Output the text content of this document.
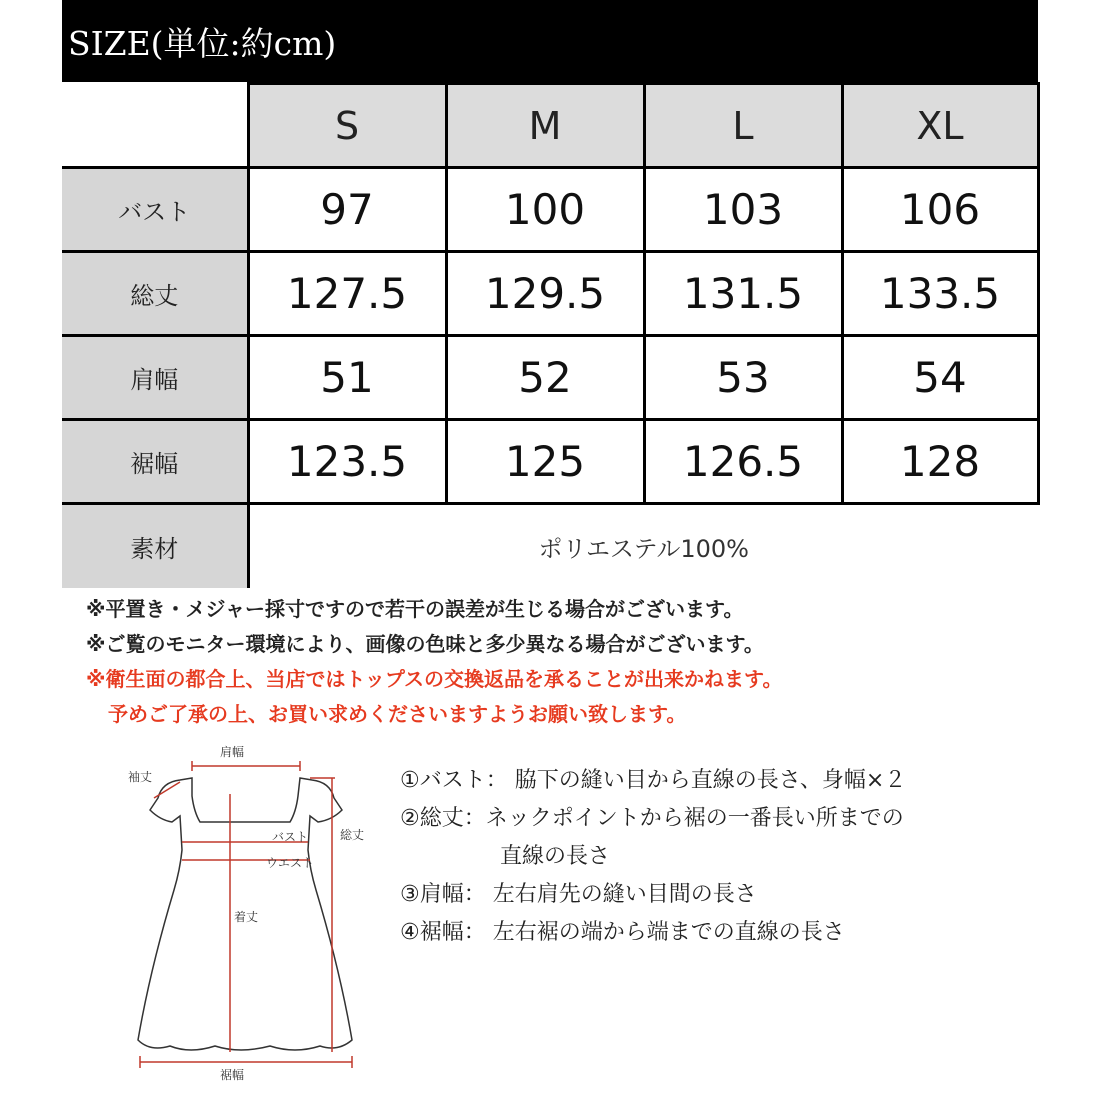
SIZE(単位:約cm)
	S	M	L	XL
バスト	97	100	103	106
総丈	127.5	129.5	131.5	133.5
肩幅	51	52	53	54
裾幅	123.5	125	126.5	128
素材	ポリエステル100%			
※平置き・メジャー採寸ですので若干の誤差が生じる場合がございます。
※ご覧のモニター環境により、画像の色味と多少異なる場合がございます。
※衛生面の都合上、当店ではトップスの交換返品を承ることが出来かねます。
予めご了承の上、お買い求めくださいますようお願い致します。
肩幅
袖丈
バスト
ウエスト
総丈
着丈
裾幅
①バスト： 脇下の縫い目から直線の長さ、身幅×２
②総丈：ネックポイントから裾の一番長い所までの
直線の長さ
③肩幅： 左右肩先の縫い目間の長さ
④裾幅： 左右裾の端から端までの直線の長さ
